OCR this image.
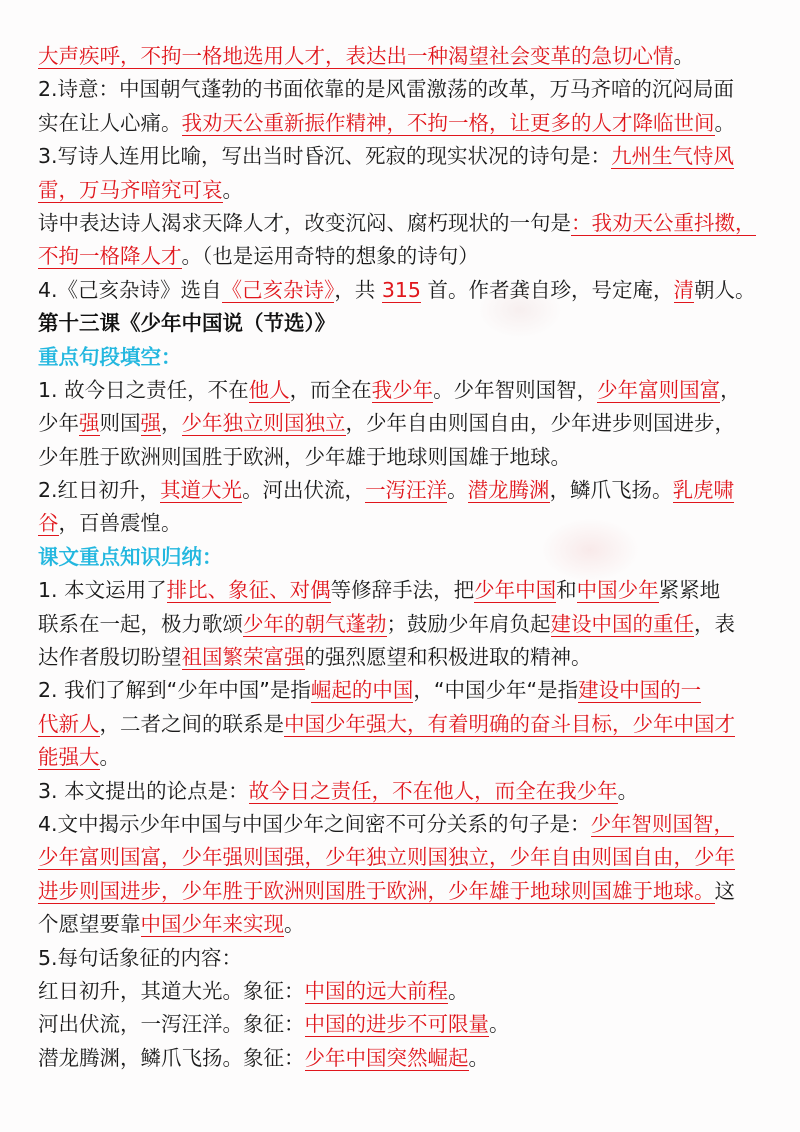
大声疾呼，不拘一格地选用人才，表达出一种渴望社会变革的急切心情。
2.诗意：中国朝气蓬勃的书面依靠的是风雷激荡的改革，万马齐喑的沉闷局面
实在让人心痛。我劝天公重新振作精神，不拘一格，让更多的人才降临世间。
3.写诗人连用比喻，写出当时昏沉、死寂的现实状况的诗句是：九州生气恃风
雷，万马齐喑究可哀。
诗中表达诗人渴求天降人才，改变沉闷、腐朽现状的一句是：我劝天公重抖擞，
不拘一格降人才。（也是运用奇特的想象的诗句）
4.《己亥杂诗》选自《己亥杂诗》，共 315 首。作者龚自珍，号定庵，清朝人。
第十三课《少年中国说（节选）》
重点句段填空：
1. 故今日之责任，不在他人，而全在我少年。少年智则国智，少年富则国富，
少年强则国强，少年独立则国独立，少年自由则国自由，少年进步则国进步，
少年胜于欧洲则国胜于欧洲，少年雄于地球则国雄于地球。
2.红日初升，其道大光。河出伏流，一泻汪洋。潜龙腾渊，鳞爪飞扬。乳虎啸
谷，百兽震惶。
课文重点知识归纳：
1. 本文运用了排比、象征、对偶等修辞手法，把少年中国和中国少年紧紧地
联系在一起，极力歌颂少年的朝气蓬勃；鼓励少年肩负起建设中国的重任，表
达作者殷切盼望祖国繁荣富强的强烈愿望和积极进取的精神。
2. 我们了解到“少年中国”是指崛起的中国，“中国少年“是指建设中国的一
代新人，二者之间的联系是中国少年强大，有着明确的奋斗目标，少年中国才
能强大。
3. 本文提出的论点是：故今日之责任，不在他人，而全在我少年。
4.文中揭示少年中国与中国少年之间密不可分关系的句子是：少年智则国智，
少年富则国富，少年强则国强，少年独立则国独立，少年自由则国自由，少年
进步则国进步，少年胜于欧洲则国胜于欧洲，少年雄于地球则国雄于地球。这
个愿望要靠中国少年来实现。
5.每句话象征的内容：
红日初升，其道大光。象征：中国的远大前程。
河出伏流，一泻汪洋。象征：中国的进步不可限量。
潜龙腾渊，鳞爪飞扬。象征：少年中国突然崛起。
